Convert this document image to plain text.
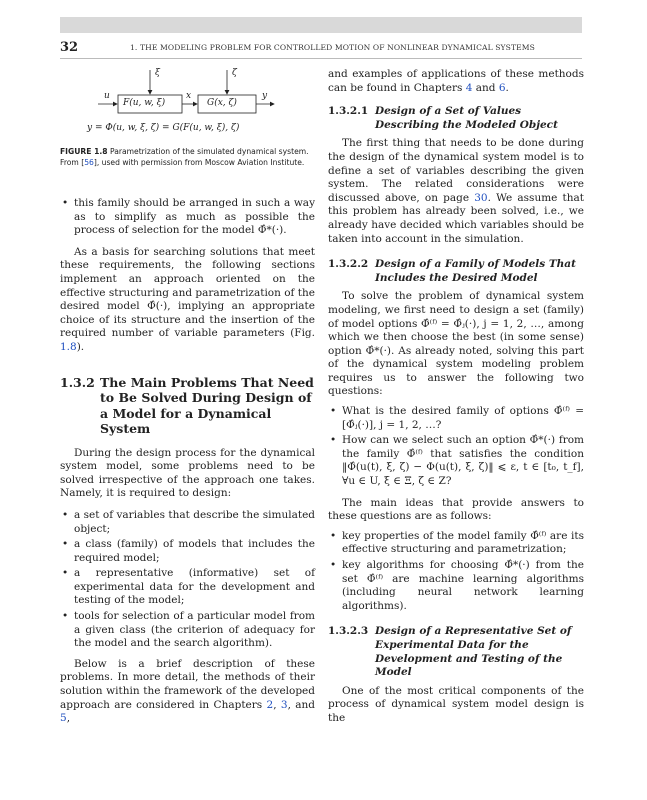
32	1. THE MODELING PROBLEM FOR CONTROLLED MOTION OF NONLINEAR DYNAMICAL SYSTEMS
ξ	ζ
u	x	y
F(u, w, ξ)	G(x, ζ)
y = Φ(u, w, ξ, ζ) = G(F(u, w, ξ), ζ)
FIGURE 1.8 Parametrization of the simulated dynamical system. From [56], used with permission from Moscow Aviation Institute.
• this family should be arranged in such a way as to simplify as much as possible the process of selection for the model Φ̂*(·).

As a basis for searching solutions that meet these requirements, the following sections implement an approach oriented on the effective structuring and parametrization of the desired model Φ̂(·), implying an appropriate choice of its structure and the insertion of the required number of variable parameters (Fig. 1.8).

1.3.2 The Main Problems That Need to Be Solved During Design of a Model for a Dynamical System

During the design process for the dynamical system model, some problems need to be solved irrespective of the approach one takes. Namely, it is required to design:

• a set of variables that describe the simulated object;
• a class (family) of models that includes the required model;
• a representative (informative) set of experimental data for the development and testing of the model;
• tools for selection of a particular model from a given class (the criterion of adequacy for the model and the search algorithm).

Below is a brief description of these problems. In more detail, the methods of their solution within the framework of the developed approach are considered in Chapters 2, 3, and 5,

and examples of applications of these methods can be found in Chapters 4 and 6.

1.3.2.1 Design of a Set of Values Describing the Modeled Object

The first thing that needs to be done during the design of the dynamical system model is to define a set of variables describing the given system. The related considerations were discussed above, on page 30. We assume that this problem has already been solved, i.e., we already have decided which variables should be taken into account in the simulation.

1.3.2.2 Design of a Family of Models That Includes the Desired Model

To solve the problem of dynamical system modeling, we first need to design a set (family) of model options Φ̂⁽ᶠ⁾ = Φ̂ⱼ(·), j = 1, 2, …, among which we then choose the best (in some sense) option Φ̂*(·). As already noted, solving this part of the dynamical system modeling problem requires us to answer the following two questions:

• What is the desired family of options Φ̂⁽ᶠ⁾ = [Φ̂ⱼ(·)], j = 1, 2, …?
• How can we select such an option Φ̂*(·) from the family Φ̂⁽ᶠ⁾ that satisfies the condition ‖Φ̂(u(t), ξ, ζ) − Φ(u(t), ξ, ζ)‖ ⩽ ε, t ∈ [t₀, t_f], ∀u ∈ U, ξ ∈ Ξ, ζ ∈ Z?

The main ideas that provide answers to these questions are as follows:

• key properties of the model family Φ̂⁽ᶠ⁾ are its effective structuring and parametrization;
• key algorithms for choosing Φ̂*(·) from the set Φ̂⁽ᶠ⁾ are machine learning algorithms (including neural network learning algorithms).
1.3.2.3 Design of a Representative Set of Experimental Data for the Development and Testing of the Model

One of the most critical components of the process of dynamical system model design is the
